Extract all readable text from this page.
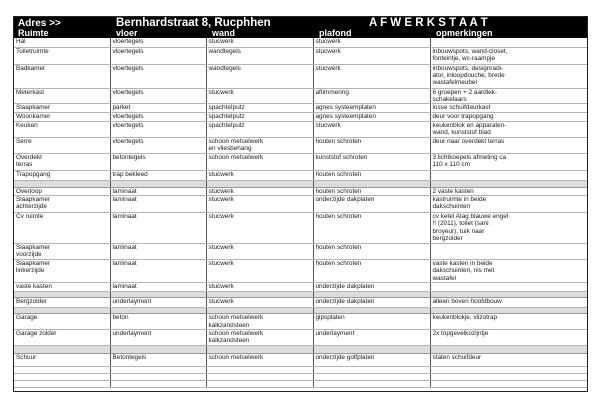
Adres >>	Bernhardstraat 8, Rucphhen	A F W E R K S T A A T
Ruimte	vloer	wand	plafond	opmerkingen
Hal	vloertegels	stucwerk	stucwerk	

Toiletruimte	vloertegels	wandtegels	stucwerk	inbouwspots, wand-closet,
fonteintje, wc-raampje

Badkamer	vloertegels	wandtegels	stucwerk	inbouwspots, designradi-
ator, inloopdouche, brede
wastafelmeubel

Meterkast	vloertegels	stucwerk	aftimmering	6 groepen + 2 aardlek-
schakelaars

Slaapkamer	parket	spachteIputz	agnes systeemplaten	losse schuifdeurkast

Woonkamer	vloertegels	spachteIputz	agnes systeemplaten	deur voor trapopgang

Keuken	vloertegels	spachteIputz	stucwerk	keukenblok en apparaten-
wand, kunststof blad

Serre	vloertegels	schoon metselwerk
en vliesbehang	houten schroten	deur naar overdekt terras

Overdekt
terras	betontegels	schoon metselwerk	kunststof schroten	3 lichtkoepels afmeting ca
110 x 110 cm

Trapopgang	trap bekleed	stucwerk	houten schroten	

Overloop	laminaat	stucwerk	houten schroten	2 vaste kasten

Slaapkamer
achterzijde	laminaat	stucwerk	onderzijde dakplaten	kastruimte in beide
dakschuinten

Cv ruimte	laminaat	stucwerk	houten schroten	cv ketel Atag blauwe engel
!! (2011), toilet (sani
broyeur), tuik naar
bergzolder

Slaapkamer
voorzijde	laminaat	stucwerk	houten schroten	

Slaapkamer
linkerzijde	laminaat	stucwerk	houten schroten	vaste kasten in beide
dakschuinten, nis met
wastafel

vaste kasten	laminaat	stucwerk	onderzijde dakplaten	

Bergzolder	underlayment	stucwerk	onderzijde dakplaten	alleen boven hoofdbouw

Garage	beton	schoon metselwerk
kalkzandsteen	gipsplaten	keukenblokje, vlizotrap

Garage zolder	underlayment	schoon metselwerk
kalkzandsteen	underlayment	2x topgevelkozijntje

Schuur	Betontegels	schoon metselwerk	onderzijde golfplaten	staten schuifdeur
